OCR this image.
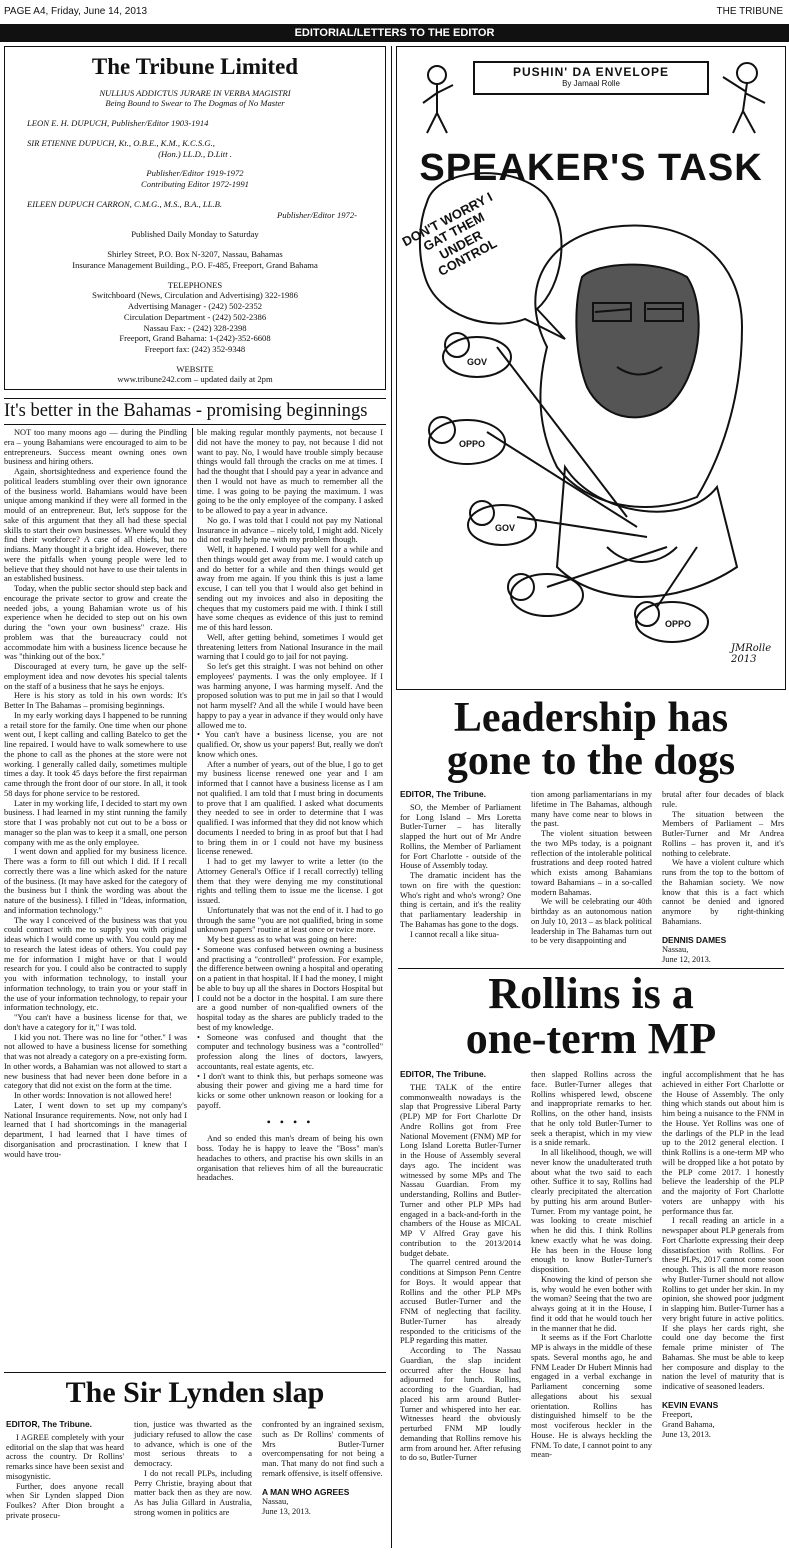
PAGE A4, Friday, June 14, 2013	THE TRIBUNE
EDITORIAL/LETTERS TO THE EDITOR
The Tribune Limited
NULLIUS ADDICTUS JURARE IN VERBA MAGISTRI
Being Bound to Swear to The Dogmas of No Master
LEON E. H. DUPUCH, Publisher/Editor 1903-1914
SIR ETIENNE DUPUCH, Kt., O.B.E., K.M., K.C.S.G.,
(Hon.) LL.D., D.Litt .
Publisher/Editor 1919-1972
Contributing Editor 1972-1991
EILEEN DUPUCH CARRON, C.M.G., M.S., B.A., LL.B.
Publisher/Editor 1972-
Published Daily Monday to Saturday
Shirley Street, P.O. Box N-3207, Nassau, Bahamas
Insurance Management Building., P.O. F-485, Freeport, Grand Bahama
TELEPHONES
Switchboard (News, Circulation and Advertising) 322-1986
Advertising Manager - (242) 502-2352
Circulation Department - (242) 502-2386
Nassau Fax: - (242) 328-2398
Freeport, Grand Bahama: 1-(242)-352-6608
Freeport fax: (242) 352-9348
WEBSITE
www.tribune242.com – updated daily at 2pm
PUSHIN' DA ENVELOPE
By Jamaal Rolle
SPEAKER'S TASK
DON'T WORRY I GAT THEM UNDER CONTROL
GOV
OPPO
GOV
OPPO
JMRolle 2013
It's better in the Bahamas - promising beginnings

NOT too many moons ago — during the Pindling era – young Bahamians were encouraged to aim to be entrepreneurs. Success meant owning ones own business and hiring others.

Again, shortsightedness and experience found the political leaders stumbling over their own ignorance of the business world. Bahamians would have been unique among mankind if they were all formed in the mould of an entrepreneur. But, let's suppose for the sake of this argument that they all had these special skills to start their own businesses. Where would they find their workforce? A case of all chiefs, but no indians. Many thought it a bright idea. However, there were the pitfalls when young people were led to believe that they should not have to use their talents in an established business.

Today, when the public sector should step back and encourage the private sector to grow and create the needed jobs, a young Bahamian wrote us of his experience when he decided to step out on his own during the "own your own business" craze. His problem was that the bureaucracy could not accommodate him with a business licence because he was "thinking out of the box."

Discouraged at every turn, he gave up the self-employment idea and now devotes his special talents on the staff of a business that he says he enjoys.

Here is his story as told in his own words: It's Better In The Bahamas – promising beginnings.

In my early working days I happened to be running a retail store for the family. One time when our phone went out, I kept calling and calling Batelco to get the line repaired. I would have to walk somewhere to use the phone to call as the phones at the store were not working. I generally called daily, sometimes multiple times a day. It took 45 days before the first repairman came through the front door of our store. In all, it took 58 days for phone service to be restored.

Later in my working life, I decided to start my own business. I had learned in my stint running the family store that I was probably not cut out to be a boss or manager so the plan was to keep it a small, one person company with me as the only employee.

I went down and applied for my business licence. There was a form to fill out which I did. If I recall correctly there was a line which asked for the nature of the business. (It may have asked for the category of the business but I think the wording was about the nature of the business). I filled in "Ideas, information, and information technology."

The way I conceived of the business was that you could contract with me to supply you with original ideas which I would come up with. You could pay me to research the latest ideas of others. You could pay me for information I might have or that I would research for you. I could also be contracted to supply you with information technology, to install your information technology, to train you or your staff in the use of your information technology, to repair your information technology, etc.

"You can't have a business license for that, we don't have a category for it," I was told.

I kid you not. There was no line for "other." I was not allowed to have a business license for something that was not already a category on a pre-existing form. In other words, a Bahamian was not allowed to start a new business that had never been done before in a category that did not exist on the form at the time.

In other words: Innovation is not allowed here!

Later, I went down to set up my company's National Insurance requirements. Now, not only had I learned that I had shortcomings in the managerial department, I had learned that I have times of disorganisation and procrastination. I knew that I would have trou-

ble making regular monthly payments, not because I did not have the money to pay, not because I did not want to pay. No, I would have trouble simply because things would fall through the cracks on me at times. I had the thought that I should pay a year in advance and then I would not have as much to remember all the time. I was going to be paying the maximum. I was going to be the only employee of the company. I asked to be allowed to pay a year in advance.

No go. I was told that I could not pay my National Insurance in advance – nicely told, I might add. Nicely did not really help me with my problem though.

Well, it happened. I would pay well for a while and then things would get away from me. I would catch up and do better for a while and then things would get away from me again. If you think this is just a lame excuse, I can tell you that I would also get behind in sending out my invoices and also in depositing the cheques that my customers paid me with. I think I still have some cheques as evidence of this just to remind me of this hard lesson.

Well, after getting behind, sometimes I would get threatening letters from National Insurance in the mail warning that I could go to jail for not paying.

So let's get this straight. I was not behind on other employees' payments. I was the only employee. If I was harming anyone, I was harming myself. And the proposed solution was to put me in jail so that I would not harm myself? And all the while I would have been happy to pay a year in advance if they would only have allowed me to.

• You can't have a business license, you are not qualified. Or, show us your papers! But, really we don't know which ones.

After a number of years, out of the blue, I go to get my business license renewed one year and I am informed that I cannot have a business license as I am not qualified. I am told that I must bring in documents to prove that I am qualified. I asked what documents they needed to see in order to determine that I was qualified. I was informed that they did not know which documents I needed to bring in as proof but that I had to bring them in or I could not have my business license renewed.

I had to get my lawyer to write a letter (to the Attorney General's Office if I recall correctly) telling them that they were denying me my constitutional rights and telling them to issue me the license. I got issued.

Unfortunately that was not the end of it. I had to go through the same "you are not qualified, bring in some unknown papers" routine at least once or twice more.

My best guess as to what was going on here:

• Someone was confused between owning a business and practising a "controlled" profession. For example, the difference between owning a hospital and operating on a patient in that hospital. If I had the money, I might be able to buy up all the shares in Doctors Hospital but I could not be a doctor in the hospital. I am sure there are a good number of non-qualified owners of the hospital today as the shares are publicly traded to the best of my knowledge.

• Someone was confused and thought that the computer and technology business was a "controlled" profession along the lines of doctors, lawyers, accountants, real estate agents, etc.

• I don't want to think this, but perhaps someone was abusing their power and giving me a hard time for kicks or some other unknown reason or looking for a payoff.

• • • •

And so ended this man's dream of being his own boss. Today he is happy to leave the "Boss" man's headaches to others, and practise his own skills in an organisation that relieves him of all the bureaucratic headaches.

Leadership has
gone to the dogs
EDITOR, The Tribune.

SO, the Member of Parliament for Long Island – Mrs Loretta Butler-Turner – has literally slapped the hurt out of Mr Andre Rollins, the Member of Parliament for Fort Charlotte - outside of the House of Assembly today.

The dramatic incident has the town on fire with the question: Who's right and who's wrong? One thing is certain, and it's the reality that parliamentary leadership in The Bahamas has gone to the dogs.

I cannot recall a like situa-

tion among parliamentarians in my lifetime in The Bahamas, although many have come near to blows in the past.

The violent situation between the two MPs today, is a poignant reflection of the intolerable political frustrations and deep rooted hatred which exists among Bahamians toward Bahamians – in a so-called modern Bahamas.

We will be celebrating our 40th birthday as an autonomous nation on July 10, 2013 – as black political leadership in The Bahamas turn out to be very disappointing and

brutal after four decades of black rule.

The situation between the Members of Parliament – Mrs Butler-Turner and Mr Andrea Rollins – has proven it, and it's nothing to celebrate.

We have a violent culture which runs from the top to the bottom of the Bahamian society. We now know that this is a fact which cannot be denied and ignored anymore by right-thinking Bahamians.

DENNIS DAMES
Nassau,
June 12, 2013.
Rollins is a
one-term MP
EDITOR, The Tribune.

THE TALK of the entire commonwealth nowadays is the slap that Progressive Liberal Party (PLP) MP for Fort Charlotte Dr Andre Rollins got from Free National Movement (FNM) MP for Long Island Loretta Butler-Turner in the House of Assembly several days ago. The incident was witnessed by some MPs and The Nassau Guardian. From my understanding, Rollins and Butler-Turner and other PLP MPs had engaged in a back-and-forth in the chambers of the House as MICAL MP V Alfred Gray gave his contribution to the 2013/2014 budget debate.

The quarrel centred around the conditions at Simpson Penn Centre for Boys. It would appear that Rollins and the other PLP MPs accused Butler-Turner and the FNM of neglecting that facility. Butler-Turner has already responded to the criticisms of the PLP regarding this matter.

According to The Nassau Guardian, the slap incident occurred after the House had adjourned for lunch. Rollins, according to the Guardian, had placed his arm around Butler-Turner and whispered into her ear. Witnesses heard the obviously perturbed FNM MP loudly demanding that Rollins remove his arm from around her. After refusing to do so, Butler-Turner

then slapped Rollins across the face. Butler-Turner alleges that Rollins whispered lewd, obscene and inappropriate remarks to her. Rollins, on the other hand, insists that he only told Butler-Turner to seek a therapist, which in my view is a snide remark.

In all likelihood, though, we will never know the unadulterated truth about what the two said to each other. Suffice it to say, Rollins had clearly precipitated the altercation by putting his arm around Butler-Turner. From my vantage point, he was looking to create mischief when he did this. I think Rollins knew exactly what he was doing. He has been in the House long enough to know Butler-Turner's disposition.

Knowing the kind of person she is, why would he even bother with the woman? Seeing that the two are always going at it in the House, I find it odd that he would touch her in the manner that he did.

It seems as if the Fort Charlotte MP is always in the middle of these spats. Several months ago, he and FNM Leader Dr Hubert Minnis had engaged in a verbal exchange in Parliament concerning some allegations about his sexual orientation. Rollins has distinguished himself to be the most vociferous heckler in the House. He is always heckling the FNM. To date, I cannot point to any mean-

ingful accomplishment that he has achieved in either Fort Charlotte or the House of Assembly. The only thing which stands out about him is him being a nuisance to the FNM in the House. Yet Rollins was one of the darlings of the PLP in the lead up to the 2012 general election. I think Rollins is a one-term MP who will be dropped like a hot potato by the PLP come 2017. I honestly believe the leadership of the PLP and the majority of Fort Charlotte voters are unhappy with his performance thus far.

I recall reading an article in a newspaper about PLP generals from Fort Charlotte expressing their deep dissatisfaction with Rollins. For these PLPs, 2017 cannot come soon enough. This is all the more reason why Butler-Turner should not allow Rollins to get under her skin. In my opinion, she showed poor judgment in slapping him. Butler-Turner has a very bright future in active politics. If she plays her cards right, she could one day become the first female prime minister of The Bahamas. She must be able to keep her composure and display to the nation the level of maturity that is indicative of seasoned leaders.

KEVIN EVANS
Freeport,
Grand Bahama,
June 13, 2013.
The Sir Lynden slap
EDITOR, The Tribune.

I AGREE completely with your editorial on the slap that was heard across the country. Dr Rollins' remarks since have been sexist and misogynistic.

Further, does anyone recall when Sir Lynden slapped Dion Foulkes? After Dion brought a private prosecu-

tion, justice was thwarted as the judiciary refused to allow the case to advance, which is one of the most serious threats to a democracy.

I do not recall PLPs, including Perry Christie, braying about that matter back then as they are now. As has Julia Gillard in Australia, strong women in politics are

confronted by an ingrained sexism, such as Dr Rollins' comments of Mrs Butler-Turner overcompensating for not being a man. That many do not find such a remark offensive, is itself offensive.

A MAN WHO AGREES
Nassau,
June 13, 2013.
